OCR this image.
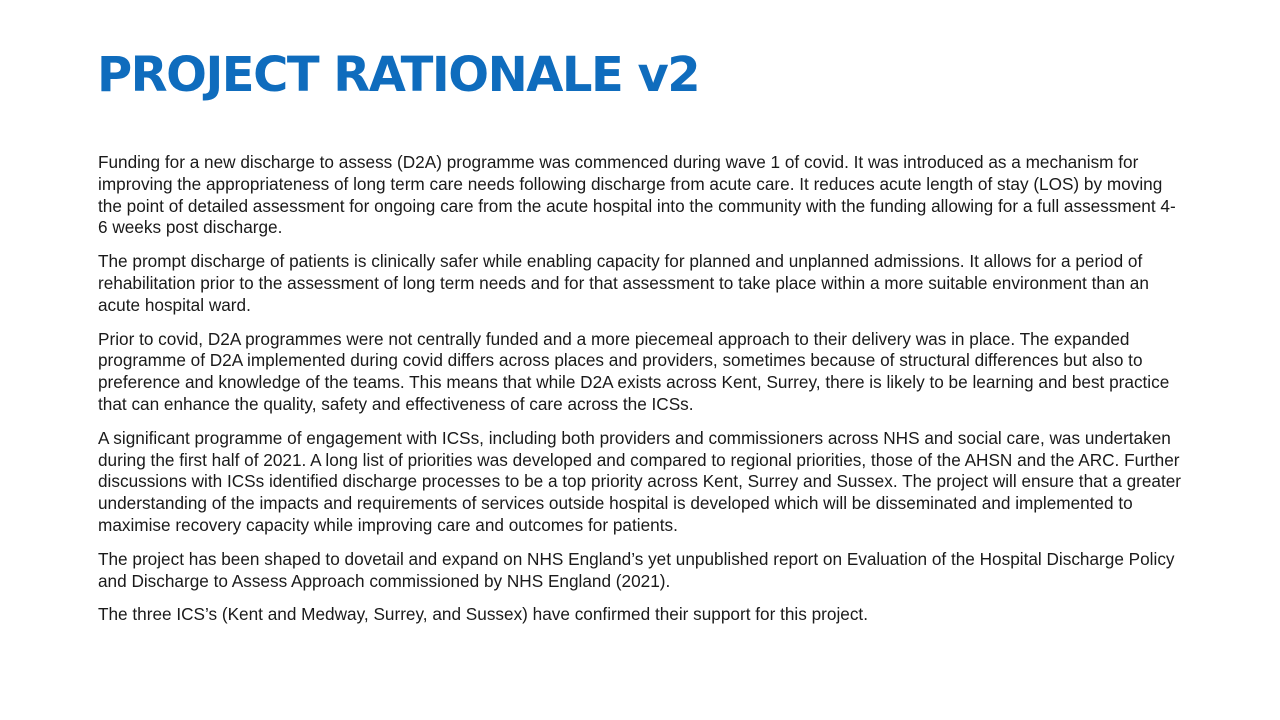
PROJECT RATIONALE v2

Funding for a new discharge to assess (D2A) programme was commenced during wave 1 of covid. It was introduced as a mechanism for improving the appropriateness of long term care needs following discharge from acute care. It reduces acute length of stay (LOS) by moving the point of detailed assessment for ongoing care from the acute hospital into the community with the funding allowing for a full assessment 4-6 weeks post discharge.

The prompt discharge of patients is clinically safer while enabling capacity for planned and unplanned admissions. It allows for a period of rehabilitation prior to the assessment of long term needs and for that assessment to take place within a more suitable environment than an acute hospital ward.

Prior to covid, D2A programmes were not centrally funded and a more piecemeal approach to their delivery was in place. The expanded programme of D2A implemented during covid differs across places and providers, sometimes because of structural differences but also to preference and knowledge of the teams. This means that while D2A exists across Kent, Surrey, there is likely to be learning and best practice that can enhance the quality, safety and effectiveness of care across the ICSs.

A significant programme of engagement with ICSs, including both providers and commissioners across NHS and social care, was undertaken during the first half of 2021. A long list of priorities was developed and compared to regional priorities, those of the AHSN and the ARC. Further discussions with ICSs identified discharge processes to be a top priority across Kent, Surrey and Sussex. The project will ensure that a greater understanding of the impacts and requirements of services outside hospital is developed which will be disseminated and implemented to maximise recovery capacity while improving care and outcomes for patients.

The project has been shaped to dovetail and expand on NHS England’s yet unpublished report on Evaluation of the Hospital Discharge Policy and Discharge to Assess Approach commissioned by NHS England (2021).

The three ICS’s (Kent and Medway, Surrey, and Sussex) have confirmed their support for this project.
